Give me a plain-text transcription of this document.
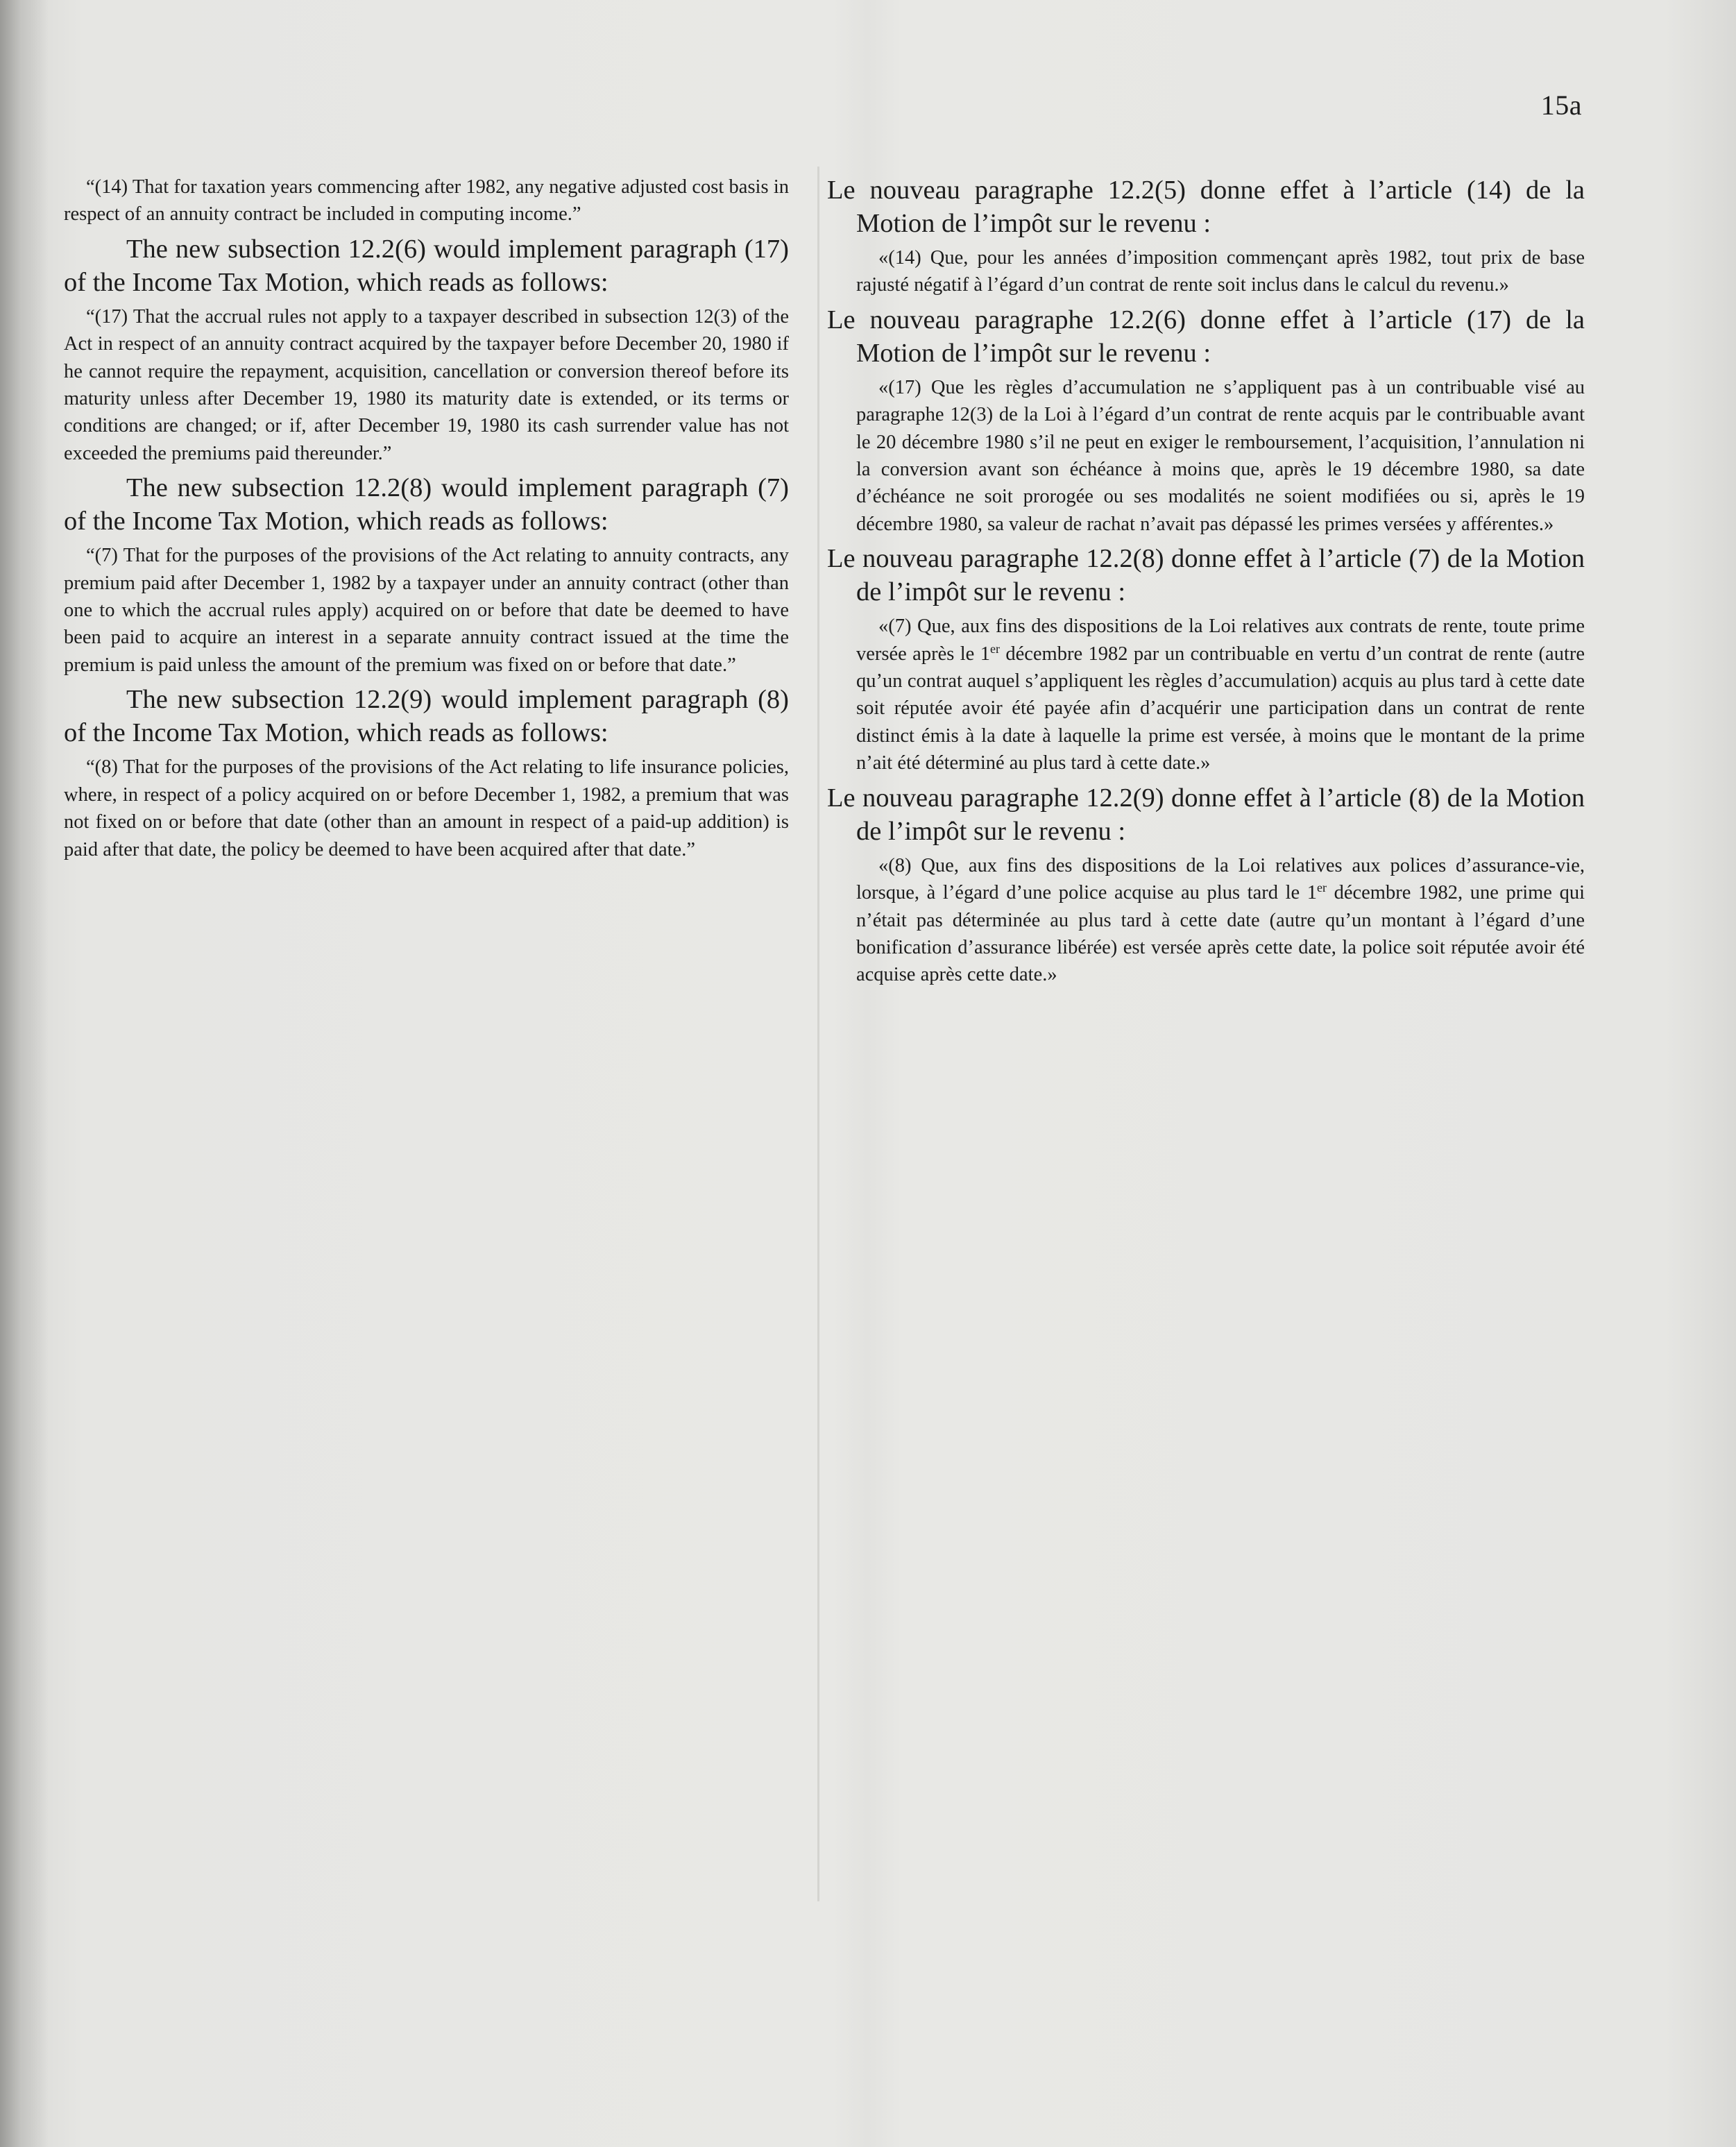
15a

“(14) That for taxation years commencing after 1982, any negative adjusted cost basis in respect of an annuity contract be included in computing income.”

The new subsection 12.2(6) would implement paragraph (17) of the Income Tax Motion, which reads as follows:

“(17) That the accrual rules not apply to a taxpayer described in subsection 12(3) of the Act in respect of an annuity contract acquired by the taxpayer before December 20, 1980 if he cannot require the repayment, acquisition, cancellation or conversion thereof before its maturity unless after December 19, 1980 its maturity date is extended, or its terms or conditions are changed; or if, after December 19, 1980 its cash surrender value has not exceeded the premiums paid thereunder.”

The new subsection 12.2(8) would implement paragraph (7) of the Income Tax Motion, which reads as follows:

“(7) That for the purposes of the provisions of the Act relating to annuity contracts, any premium paid after December 1, 1982 by a taxpayer under an annuity contract (other than one to which the accrual rules apply) acquired on or before that date be deemed to have been paid to acquire an interest in a separate annuity contract issued at the time the premium is paid unless the amount of the premium was fixed on or before that date.”

The new subsection 12.2(9) would implement paragraph (8) of the Income Tax Motion, which reads as follows:

“(8) That for the purposes of the provisions of the Act relating to life insurance policies, where, in respect of a policy acquired on or before December 1, 1982, a premium that was not fixed on or before that date (other than an amount in respect of a paid-up addition) is paid after that date, the policy be deemed to have been acquired after that date.”

Le nouveau paragraphe 12.2(5) donne effet à l’article (14) de la Motion de l’impôt sur le revenu :

«(14) Que, pour les années d’imposition commençant après 1982, tout prix de base rajusté négatif à l’égard d’un contrat de rente soit inclus dans le calcul du revenu.»

Le nouveau paragraphe 12.2(6) donne effet à l’article (17) de la Motion de l’impôt sur le revenu :

«(17) Que les règles d’accumulation ne s’appliquent pas à un contribuable visé au paragraphe 12(3) de la Loi à l’égard d’un contrat de rente acquis par le contribuable avant le 20 décembre 1980 s’il ne peut en exiger le remboursement, l’acquisition, l’annulation ni la conversion avant son échéance à moins que, après le 19 décembre 1980, sa date d’échéance ne soit prorogée ou ses modalités ne soient modifiées ou si, après le 19 décembre 1980, sa valeur de rachat n’avait pas dépassé les primes versées y afférentes.»

Le nouveau paragraphe 12.2(8) donne effet à l’article (7) de la Motion de l’impôt sur le revenu :

«(7) Que, aux fins des dispositions de la Loi relatives aux contrats de rente, toute prime versée après le 1er décembre 1982 par un contribuable en vertu d’un contrat de rente (autre qu’un contrat auquel s’appliquent les règles d’accumulation) acquis au plus tard à cette date soit réputée avoir été payée afin d’acquérir une participation dans un contrat de rente distinct émis à la date à laquelle la prime est versée, à moins que le montant de la prime n’ait été déterminé au plus tard à cette date.»

Le nouveau paragraphe 12.2(9) donne effet à l’article (8) de la Motion de l’impôt sur le revenu :

«(8) Que, aux fins des dispositions de la Loi relatives aux polices d’assurance-vie, lorsque, à l’égard d’une police acquise au plus tard le 1er décembre 1982, une prime qui n’était pas déterminée au plus tard à cette date (autre qu’un montant à l’égard d’une bonification d’assurance libérée) est versée après cette date, la police soit réputée avoir été acquise après cette date.»
